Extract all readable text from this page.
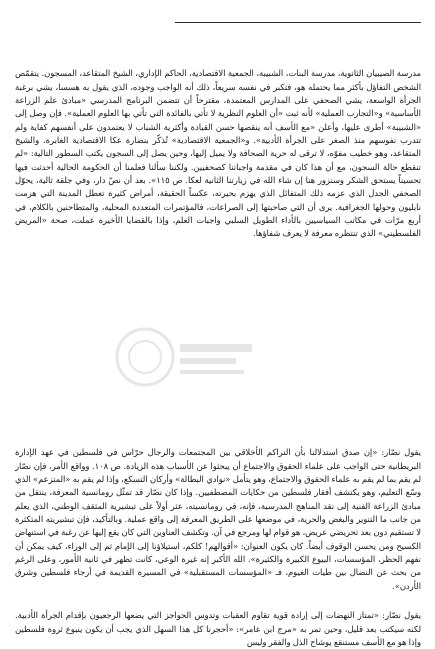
مدرسة الصيبيان الثانوية، مدرسة البنات، الشبيبة، الجمعية الاقتصادية، الحاكم الإداري، الشيخ المتقاعد، المسجون. يتقمّص الشخص التفاؤل بأكثر مما يحتمله هو، فتكبر في نفسه سريعاً، ذلك أنه الواجب وجوده، الذي يقول به هسسا، يشي برغبة الجرأة الواسعة، يشي الصحفي على المدارس المعتمدة، مقترحاً أن تتضمن البرنامج المدرسي «مبادئ علم الزراعة الأساسية» و«التجارب العملية» لأنه ثبت «أن العلوم النظرية لا تأتي بالفائدة التي تأتي بها العلوم العملية». فإن وصل إلى «الشبيبة» أطرى عليها، وأعلن «مع الأسف أنه ينقصها حسن القيادة وأكثرية الشباب لا يعتمدون على أنفسهم كفاية ولم تتدرب نفوسهم منذ الصغر على الجرأة الأدبية». و«الجمعية الاقتصادية» تُذكّر بنضارة عكا الاقتصادية الغابرة. والشيخ المتقاعد، وهو خطيب مفوّه، لا ترقى له حرية الصحافة ولا يميل إليها، وحين يصل إلى السجون يكتب السطور التالية: «لم تنقطع حالة السجون، مع أن هذا كان في مقدمة واجباتنا كصحفيين. ولكننا سألنا فعلمنا أن الحكومة الحالية أحدثت فيها تحسيناً يستحق الشكر وسنزور هنا إن شاء الله في زيارتنا الثانية لعكا. ص ١١٥». بعد أن نصّ دار، وفي جلقة تالية، يحوّل الصحفي الجدل الذي عزمه ذلك المتفائل الذي يهزم بحيرته، عكساً الحقيقة، أمراض كثيرة تعطل المدينة التي هزمت نابليون وحولها الجغرافية. يرى أن التي صاحبتها إلى الصراعات، فالمؤتمرات المتعددة المحلية، والمتطاحنين بالكلام، في أربع مرّات في مكاتب السياسيين بالأداء الطويل السلبي واجبات العلم، وإذا بالقضايا الأخيرة عملت، صحة «المريض الفلسطيني» الذي تنتظره معرفة لا يعرف شفاؤها.

يقول نصّار: «إن صدق استدلالنا بأن التراكم الأخلاقي بين المجتمعات والرجال حرّاس في فلسطين في عهد الإدارة البريطانية حتى الواجب على علماء الحقوق والاجتماع أن يبحثوا عن الأسباب هذه الزيادة. ص ١٠٨. وواقع الأمر، فإن نصّار لم يقم بما لم يقم به علماء الحقوق والاجتماع، وهو يتأمل «نوادي البطالة» وأركان التسكع، وإذا لم يقم به «المتزعم» الذي وسّع التعليم، وهو يكتشف أفقار فلسطين من حكايات المصطفيين. وإذا كان نصّار قد تمثّل رومانسية المعرفة، ينتقل من مبادئ الزراعة الفنية إلى نقد المناهج المدرسية، فإنه، في رومانسيته، عثر أولاً على تبشيرية المثقف الوطني، الذي يعلم من جانب ما التنوير والبغض والحرية، في موضعها على الطريق المعرفة إلى واقع عملية. وبالتأكيد، فإن تبشيريته المتكثرة لا تستقيم دون بعد تحريضي عريض، هو قوام لها ومرجع في آن. وتكشف العناوين التي كان يقع إليها عن رغبة في استنهاض الكسيح ومن يحسن الوقوف أيضاً. كان يكون العنوان: «أقوالهم! كلكم، استيلاؤنا إلى الإمام ثم إلى الوراء، كيف يمكن أن نفهم الحظر، المؤسسات، البيوع الكبيرة والكثيرة». الله الأكبر إنه غيرة الوعي، كانت تظهر في ثانية الأمور، وعلى الرغم من بحث عن النضال بين طيات الغيوم، فـ «المؤسسات المستقبلية» في المسيرة القديمة في أرجاء فلسطين وشرق الأردن».

يقول نصّار: «تمتاز النهضات إلى إرادة قوية تقاوم العقبات وتدوس الحواجز التي يضعها الرجعيون بإقدام الجرأة الأدبية. لكنه سيكتب بعد قليل، وحين تمر به «مرج ابن عامر»: «أحجرنا كل هذا السهل الذي يجب أن يكون ينبوع ثروة فلسطين وإذا هو مع الأسف مستنقع يوشاح الذل والفقر وليس
